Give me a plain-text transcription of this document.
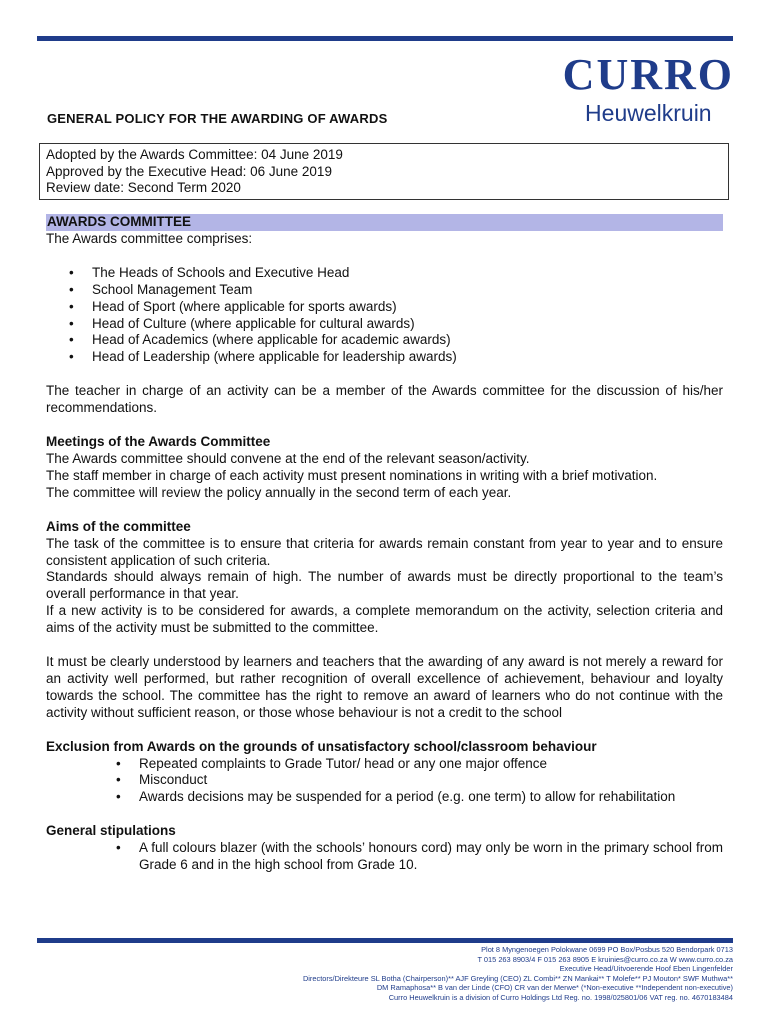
CURRO
Heuwelkruin
GENERAL POLICY FOR THE AWARDING OF AWARDS
Adopted by the Awards Committee: 04 June 2019
Approved by the Executive Head: 06 June 2019
Review date: Second Term 2020
AWARDS COMMITTEE
The Awards committee comprises:
• The Heads of Schools and Executive Head
• School Management Team
• Head of Sport (where applicable for sports awards)
• Head of Culture (where applicable for cultural awards)
• Head of Academics (where applicable for academic awards)
• Head of Leadership (where applicable for leadership awards)
The teacher in charge of an activity can be a member of the Awards committee for the discussion of his/her recommendations.
Meetings of the Awards Committee
The Awards committee should convene at the end of the relevant season/activity.
The staff member in charge of each activity must present nominations in writing with a brief motivation.
The committee will review the policy annually in the second term of each year.
Aims of the committee
The task of the committee is to ensure that criteria for awards remain constant from year to year and to ensure consistent application of such criteria.
Standards should always remain of high. The number of awards must be directly proportional to the team’s overall performance in that year.
If a new activity is to be considered for awards, a complete memorandum on the activity, selection criteria and aims of the activity must be submitted to the committee.
It must be clearly understood by learners and teachers that the awarding of any award is not merely a reward for an activity well performed, but rather recognition of overall excellence of achievement, behaviour and loyalty towards the school. The committee has the right to remove an award of learners who do not continue with the activity without sufficient reason, or those whose behaviour is not a credit to the school
Exclusion from Awards on the grounds of unsatisfactory school/classroom behaviour
• Repeated complaints to Grade Tutor/ head or any one major offence
• Misconduct
• Awards decisions may be suspended for a period (e.g. one term) to allow for rehabilitation
General stipulations
• A full colours blazer (with the schools’ honours cord) may only be worn in the primary school from Grade 6 and in the high school from Grade 10.
Plot 8 Myngenoegen Polokwane 0699 PO Box/Posbus 520 Bendorpark 0713
T 015 263 8903/4 F 015 263 8905 E kruinies@curro.co.za W www.curro.co.za
Executive Head/Uitvoerende Hoof Eben Lingenfelder
Directors/Direkteure SL Botha (Chairperson)** AJF Greyling (CEO) ZL Combi** ZN Mankai** T Molefe** PJ Mouton* SWF Muthwa**
DM Ramaphosa** B van der Linde (CFO) CR van der Merwe* (*Non-executive **Independent non-executive)
Curro Heuwelkruin is a division of Curro Holdings Ltd Reg. no. 1998/025801/06 VAT reg. no. 4670183484
